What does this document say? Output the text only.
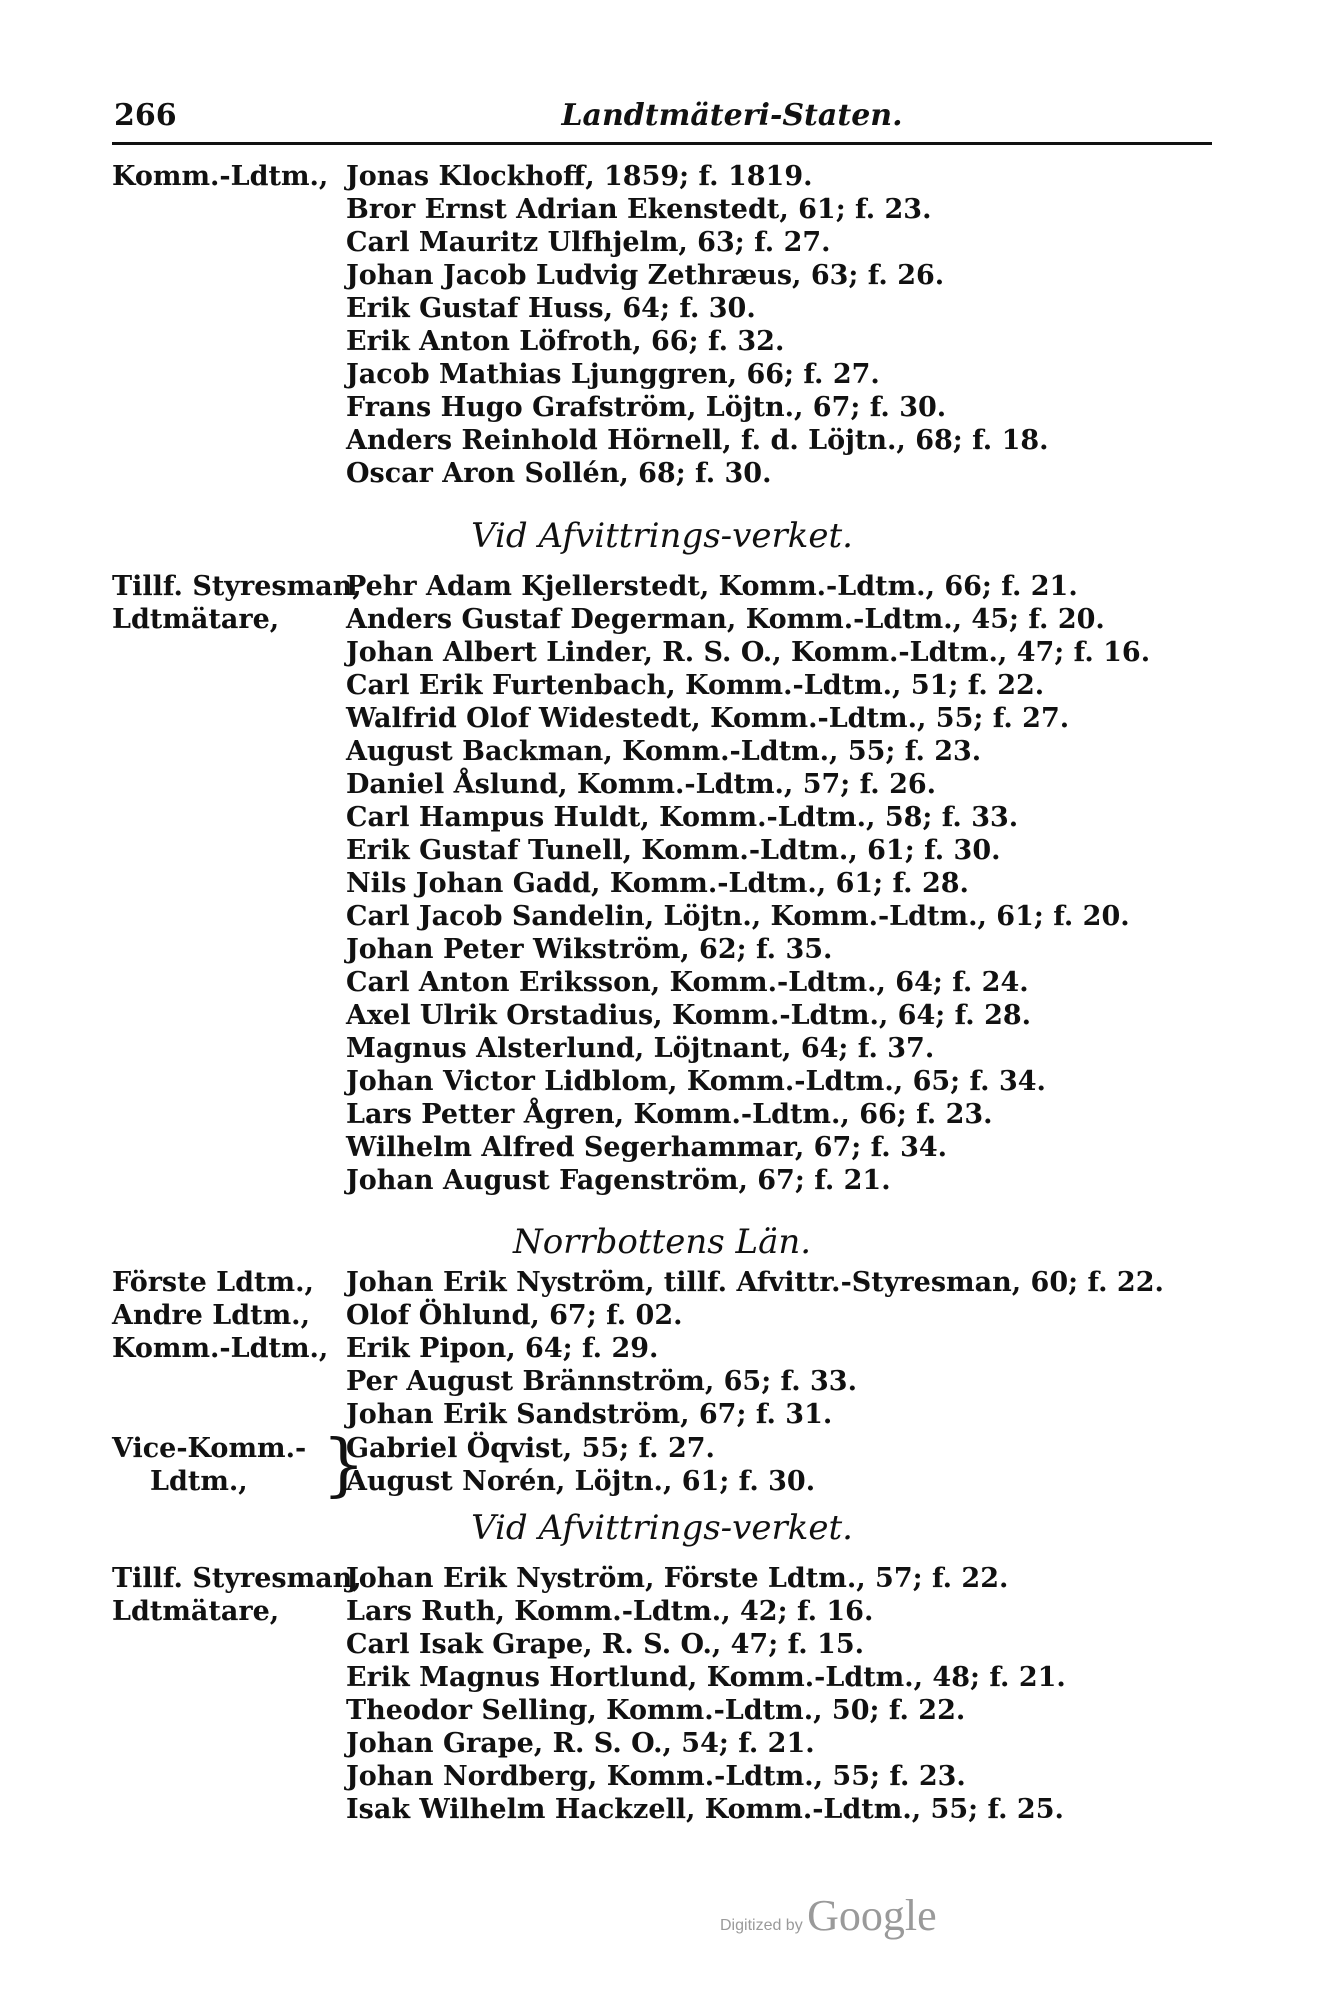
266	Landtmäteri-Staten.
Komm.-Ldtm., Jonas Klockhoff, 1859; f. 1819.
Bror Ernst Adrian Ekenstedt, 61; f. 23.
Carl Mauritz Ulfhjelm, 63; f. 27.
Johan Jacob Ludvig Zethræus, 63; f. 26.
Erik Gustaf Huss, 64; f. 30.
Erik Anton Löfroth, 66; f. 32.
Jacob Mathias Ljunggren, 66; f. 27.
Frans Hugo Grafström, Löjtn., 67; f. 30.
Anders Reinhold Hörnell, f. d. Löjtn., 68; f. 18.
Oscar Aron Sollén, 68; f. 30.
Vid Afvittrings-verket.
Tillf. Styresman,
Pehr Adam Kjellerstedt, Komm.-Ldtm., 66; f. 21.
Ldtmätare, Anders Gustaf Degerman, Komm.-Ldtm., 45; f. 20.
Johan Albert Linder, R. S. O., Komm.-Ldtm., 47; f. 16.
Carl Erik Furtenbach, Komm.-Ldtm., 51; f. 22.
Walfrid Olof Widestedt, Komm.-Ldtm., 55; f. 27.
August Backman, Komm.-Ldtm., 55; f. 23.
Daniel Åslund, Komm.-Ldtm., 57; f. 26.
Carl Hampus Huldt, Komm.-Ldtm., 58; f. 33.
Erik Gustaf Tunell, Komm.-Ldtm., 61; f. 30.
Nils Johan Gadd, Komm.-Ldtm., 61; f. 28.
Carl Jacob Sandelin, Löjtn., Komm.-Ldtm., 61; f. 20.
Johan Peter Wikström, 62; f. 35.
Carl Anton Eriksson, Komm.-Ldtm., 64; f. 24.
Axel Ulrik Orstadius, Komm.-Ldtm., 64; f. 28.
Magnus Alsterlund, Löjtnant, 64; f. 37.
Johan Victor Lidblom, Komm.-Ldtm., 65; f. 34.
Lars Petter Ågren, Komm.-Ldtm., 66; f. 23.
Wilhelm Alfred Segerhammar, 67; f. 34.
Johan August Fagenström, 67; f. 21.
Norrbottens Län.
Förste Ldtm., Johan Erik Nyström, tillf. Afvittr.-Styresman, 60; f. 22.
Andre Ldtm., Olof Öhlund, 67; f. 02.
Komm.-Ldtm., Erik Pipon, 64; f. 29.
Per August Brännström, 65; f. 33.
Johan Erik Sandström, 67; f. 31.
Vice-Komm.-
Ldtm., }
Gabriel Öqvist, 55; f. 27.
August Norén, Löjtn., 61; f. 30.
Vid Afvittrings-verket.
Tillf. Styresman,
Johan Erik Nyström, Förste Ldtm., 57; f. 22.
Ldtmätare, Lars Ruth, Komm.-Ldtm., 42; f. 16.
Carl Isak Grape, R. S. O., 47; f. 15.
Erik Magnus Hortlund, Komm.-Ldtm., 48; f. 21.
Theodor Selling, Komm.-Ldtm., 50; f. 22.
Johan Grape, R. S. O., 54; f. 21.
Johan Nordberg, Komm.-Ldtm., 55; f. 23.
Isak Wilhelm Hackzell, Komm.-Ldtm., 55; f. 25.
Digitized by Google
